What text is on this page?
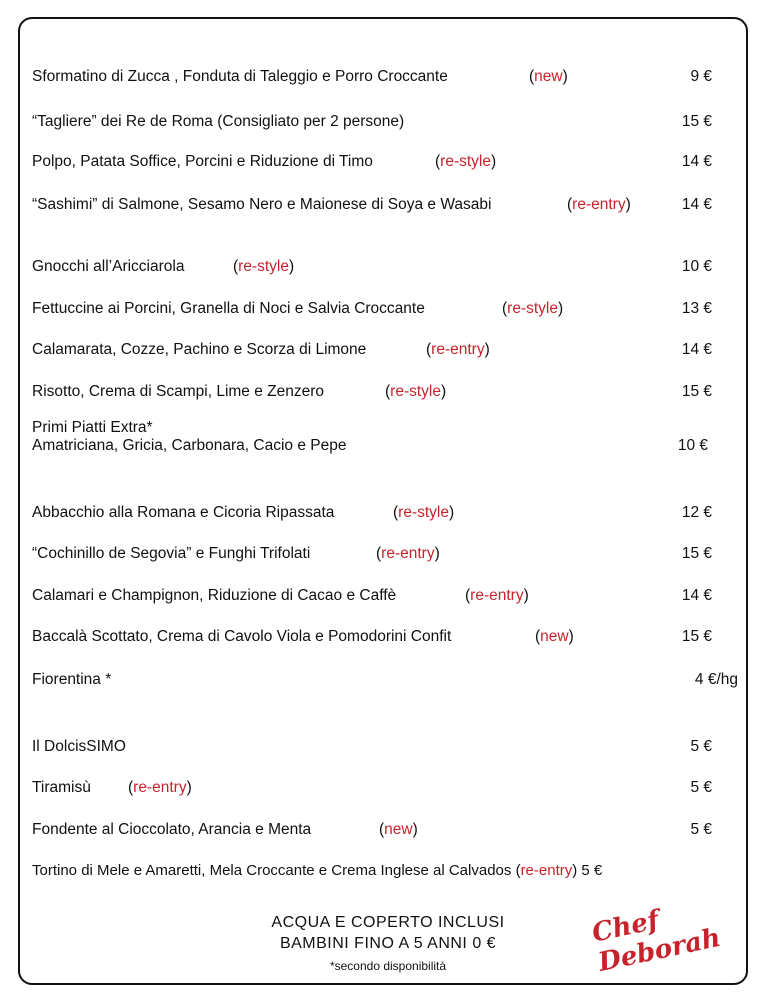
Sformatino di Zucca , Fonduta di Taleggio e Porro Croccante	(new)	9 €
“Tagliere” dei Re de Roma (Consigliato per 2 persone)	15 €
Polpo, Patata Soffice, Porcini e Riduzione di Timo	(re-style)	14 €
“Sashimi” di Salmone, Sesamo Nero e Maionese di Soya e Wasabi	(re-entry)	14 €
Gnocchi all’Aricciarola	(re-style)	10 €
Fettuccine ai Porcini, Granella di Noci e Salvia Croccante	(re-style)	13 €
Calamarata, Cozze, Pachino e Scorza di Limone	(re-entry)	14 €
Risotto, Crema di Scampi, Lime e Zenzero	(re-style)	15 €
Primi Piatti Extra*
Amatriciana, Gricia, Carbonara, Cacio e Pepe	10 €
Abbacchio alla Romana e Cicoria Ripassata	(re-style)	12 €
“Cochinillo de Segovia” e Funghi Trifolati	(re-entry)	15 €
Calamari e Champignon, Riduzione di Cacao e Caffè	(re-entry)	14 €
Baccalà Scottato, Crema di Cavolo Viola e Pomodorini Confit	(new)	15 €
Fiorentina *	4 €/hg
Il DolcisSIMO	5 €
Tiramisù (re-entry)	5 €
Fondente al Cioccolato, Arancia e Menta	(new)	5 €
Tortino di Mele e Amaretti, Mela Croccante e Crema Inglese al Calvados (re-entry) 5 €
ACQUA E COPERTO INCLUSI
BAMBINI FINO A 5 ANNI 0 €
*secondo disponibilità
Chef Deborah
